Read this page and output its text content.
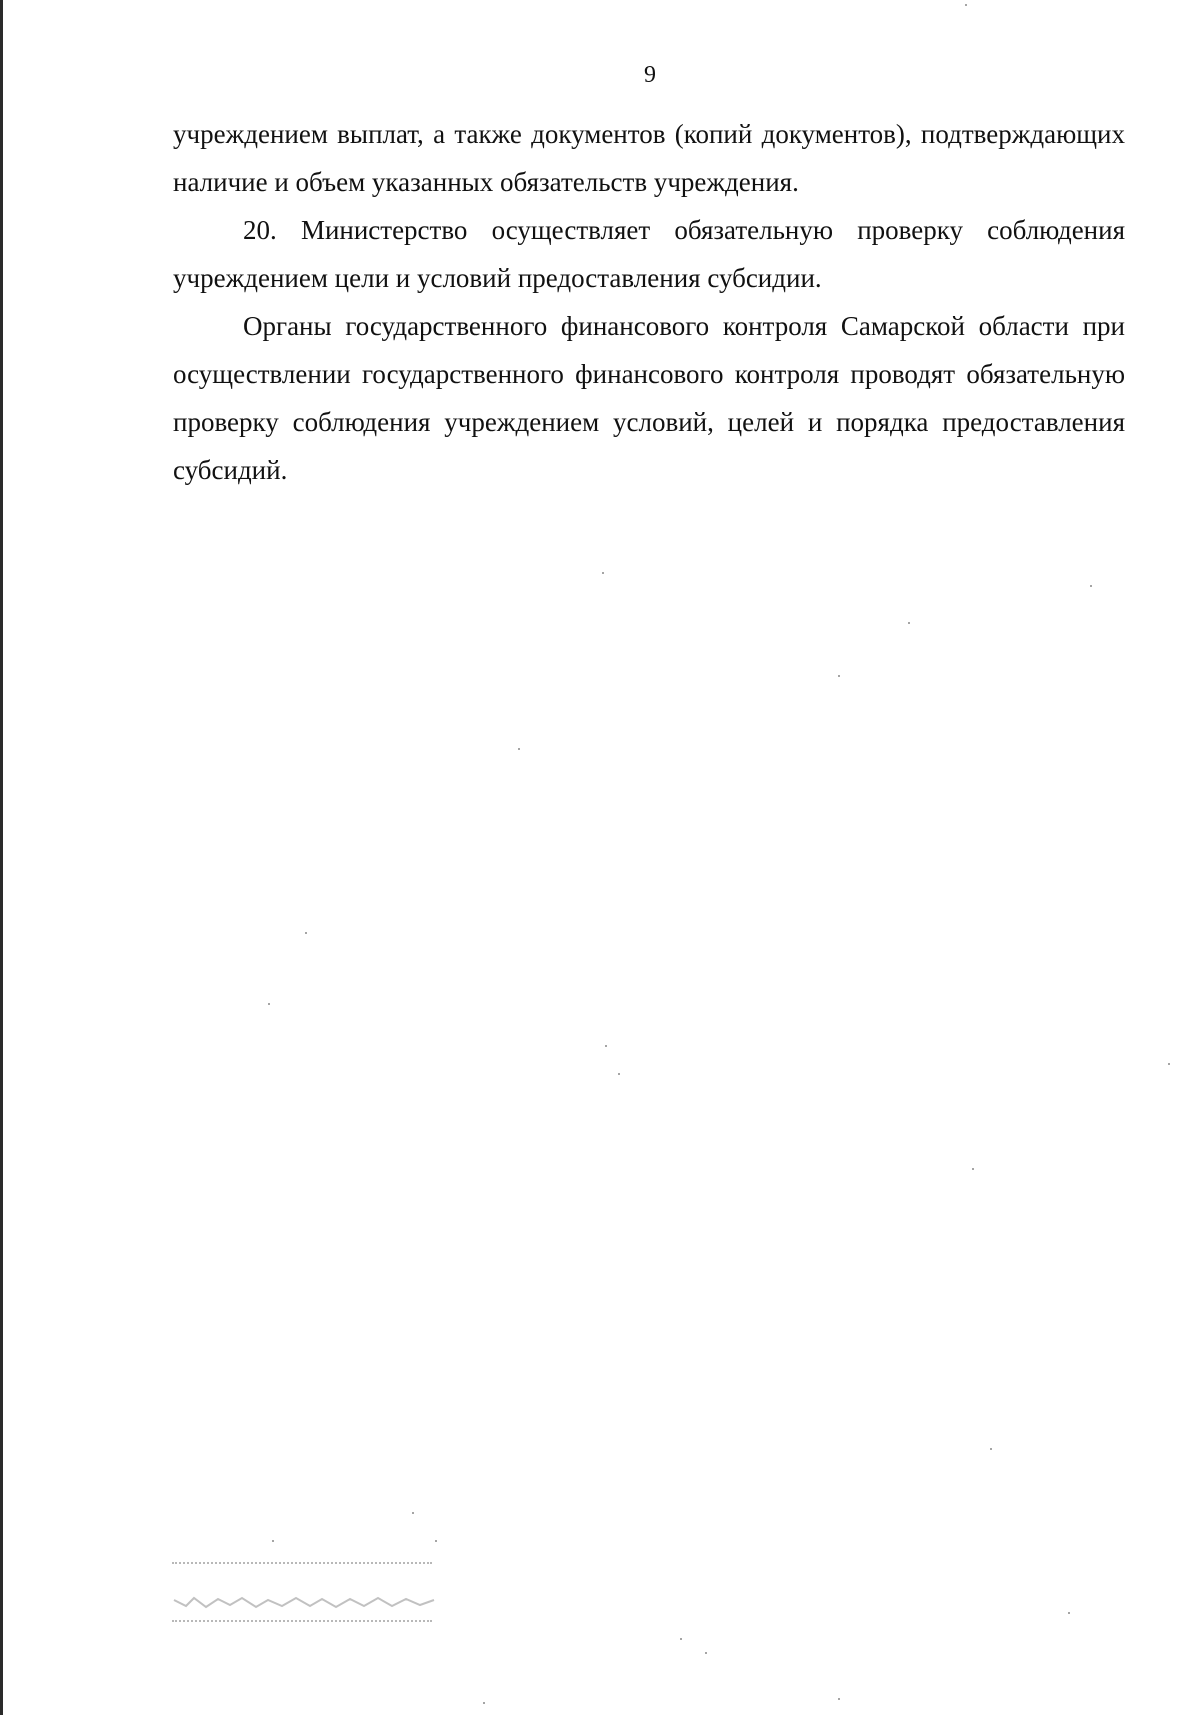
9

учреждением выплат, а также документов (копий документов), подтверждающих наличие и объем указанных обязательств учреждения.

20. Министерство осуществляет обязательную проверку соблюдения учреждением цели и условий предоставления субсидии.

Органы государственного финансового контроля Самарской области при осуществлении государственного финансового контроля проводят обязательную проверку соблюдения учреждением условий, целей и порядка предоставления субсидий.
